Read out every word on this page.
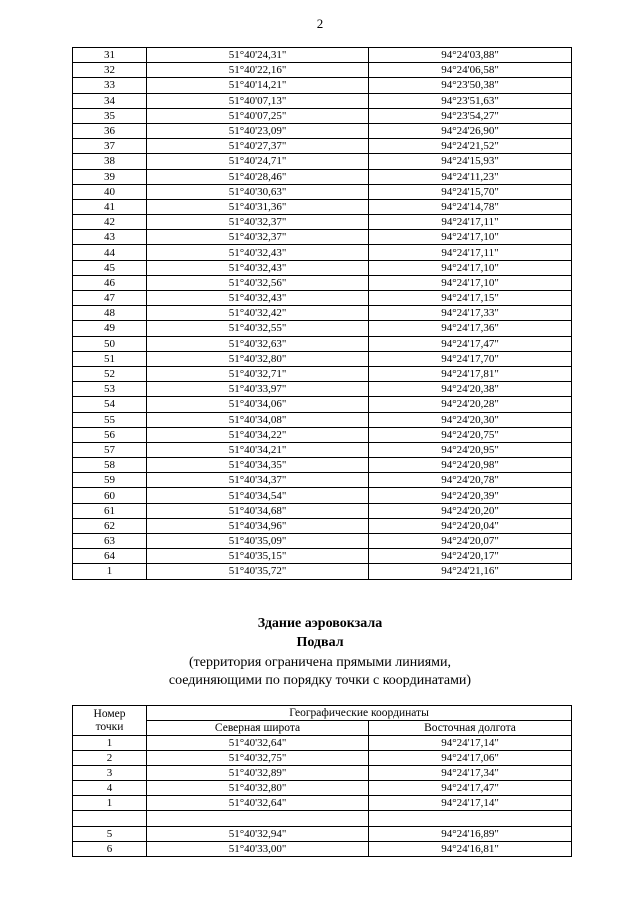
2
31	51°40'24,31"	94°24'03,88"
32	51°40'22,16"	94°24'06,58"
33	51°40'14,21"	94°23'50,38"
34	51°40'07,13"	94°23'51,63"
35	51°40'07,25"	94°23'54,27"
36	51°40'23,09"	94°24'26,90"
37	51°40'27,37"	94°24'21,52"
38	51°40'24,71"	94°24'15,93"
39	51°40'28,46"	94°24'11,23"
40	51°40'30,63"	94°24'15,70"
41	51°40'31,36"	94°24'14,78"
42	51°40'32,37"	94°24'17,11"
43	51°40'32,37"	94°24'17,10"
44	51°40'32,43"	94°24'17,11"
45	51°40'32,43"	94°24'17,10"
46	51°40'32,56"	94°24'17,10"
47	51°40'32,43"	94°24'17,15"
48	51°40'32,42"	94°24'17,33"
49	51°40'32,55"	94°24'17,36"
50	51°40'32,63"	94°24'17,47"
51	51°40'32,80"	94°24'17,70"
52	51°40'32,71"	94°24'17,81"
53	51°40'33,97"	94°24'20,38"
54	51°40'34,06"	94°24'20,28"
55	51°40'34,08"	94°24'20,30"
56	51°40'34,22"	94°24'20,75"
57	51°40'34,21"	94°24'20,95"
58	51°40'34,35"	94°24'20,98"
59	51°40'34,37"	94°24'20,78"
60	51°40'34,54"	94°24'20,39"
61	51°40'34,68"	94°24'20,20"
62	51°40'34,96"	94°24'20,04"
63	51°40'35,09"	94°24'20,07"
64	51°40'35,15"	94°24'20,17"
1	51°40'35,72"	94°24'21,16"
Здание аэровокзала
Подвал
(территория ограничена прямыми линиями,
соединяющими по порядку точки с координатами)
Номер
точки	Географические координаты	
	Северная широта	Восточная долгота
1	51°40'32,64"	94°24'17,14"
2	51°40'32,75"	94°24'17,06"
3	51°40'32,89"	94°24'17,34"
4	51°40'32,80"	94°24'17,47"
1	51°40'32,64"	94°24'17,14"

5	51°40'32,94"	94°24'16,89"
6	51°40'33,00"	94°24'16,81"
